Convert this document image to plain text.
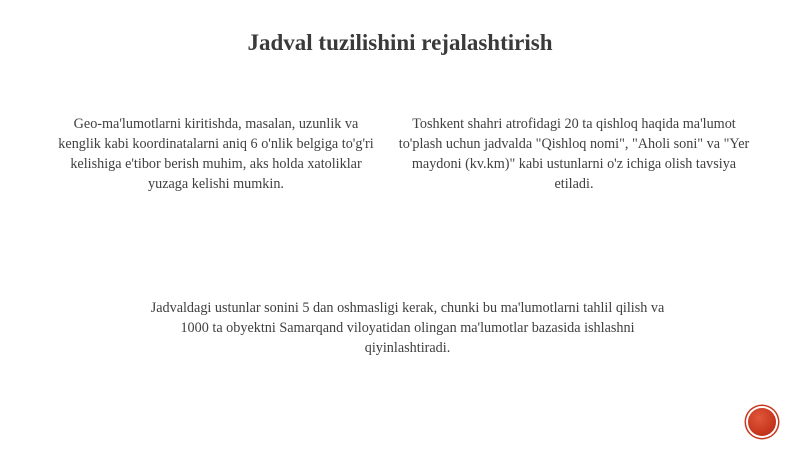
Jadval tuzilishini rejalashtirish

Geo-ma'lumotlarni kiritishda, masalan, uzunlik va kenglik kabi koordinatalarni aniq 6 o'nlik belgiga to'g'ri kelishiga e'tibor berish muhim, aks holda xatoliklar yuzaga kelishi mumkin.

Toshkent shahri atrofidagi 20 ta qishloq haqida ma'lumot to'plash uchun jadvalda "Qishloq nomi", "Aholi soni" va "Yer maydoni (kv.km)" kabi ustunlarni o'z ichiga olish tavsiya etiladi.

Jadvaldagi ustunlar sonini 5 dan oshmasligi kerak, chunki bu ma'lumotlarni tahlil qilish va 1000 ta obyektni Samarqand viloyatidan olingan ma'lumotlar bazasida ishlashni qiyinlashtiradi.
